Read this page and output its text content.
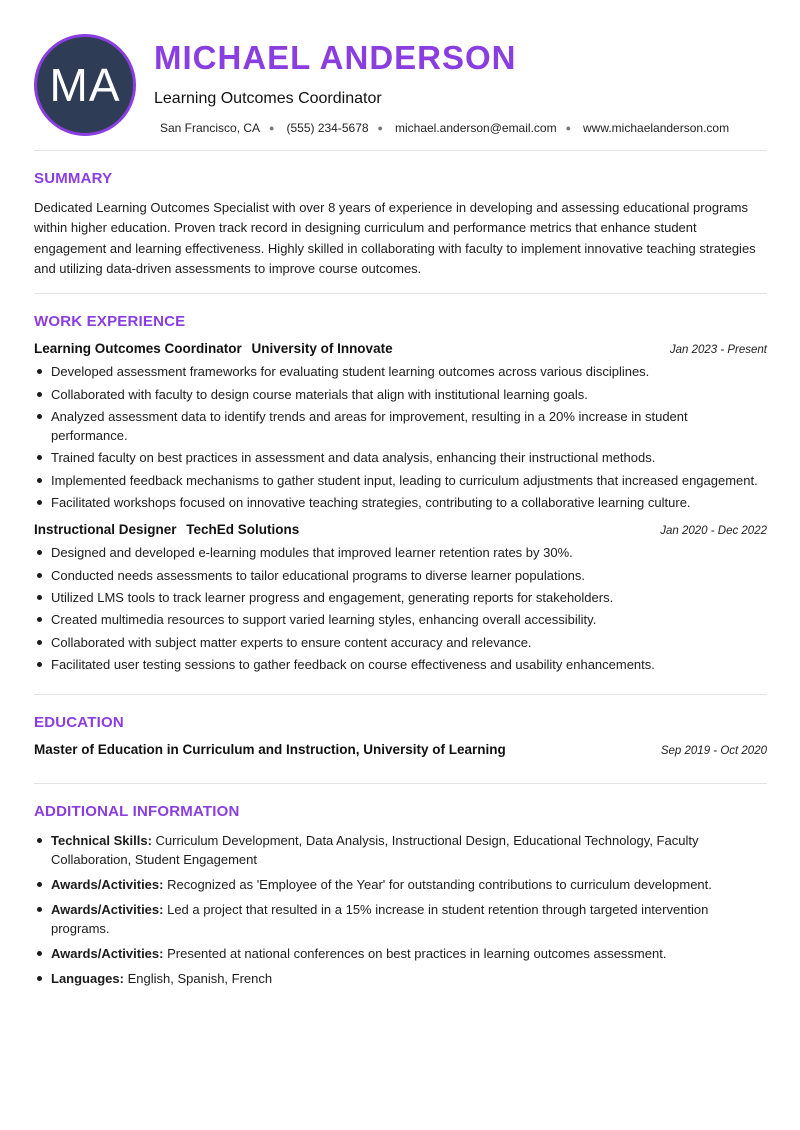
MA
MICHAEL ANDERSON
Learning Outcomes Coordinator
San Francisco, CA ● (555) 234-5678 ● michael.anderson@email.com ● www.michaelanderson.com
SUMMARY

Dedicated Learning Outcomes Specialist with over 8 years of experience in developing and assessing educational programs within higher education. Proven track record in designing curriculum and performance metrics that enhance student engagement and learning effectiveness. Highly skilled in collaborating with faculty to implement innovative teaching strategies and utilizing data-driven assessments to improve course outcomes.

WORK EXPERIENCE
Learning Outcomes Coordinator University of Innovate	Jan 2023 - Present
Developed assessment frameworks for evaluating student learning outcomes across various disciplines.
Collaborated with faculty to design course materials that align with institutional learning goals.
Analyzed assessment data to identify trends and areas for improvement, resulting in a 20% increase in student performance.
Trained faculty on best practices in assessment and data analysis, enhancing their instructional methods.
Implemented feedback mechanisms to gather student input, leading to curriculum adjustments that increased engagement.
Facilitated workshops focused on innovative teaching strategies, contributing to a collaborative learning culture.
Instructional Designer TechEd Solutions	Jan 2020 - Dec 2022
Designed and developed e-learning modules that improved learner retention rates by 30%.
Conducted needs assessments to tailor educational programs to diverse learner populations.
Utilized LMS tools to track learner progress and engagement, generating reports for stakeholders.
Created multimedia resources to support varied learning styles, enhancing overall accessibility.
Collaborated with subject matter experts to ensure content accuracy and relevance.
Facilitated user testing sessions to gather feedback on course effectiveness and usability enhancements.
EDUCATION
Master of Education in Curriculum and Instruction, University of Learning	Sep 2019 - Oct 2020
ADDITIONAL INFORMATION
Technical Skills: Curriculum Development, Data Analysis, Instructional Design, Educational Technology, Faculty Collaboration, Student Engagement
Awards/Activities: Recognized as 'Employee of the Year' for outstanding contributions to curriculum development.
Awards/Activities: Led a project that resulted in a 15% increase in student retention through targeted intervention programs.
Awards/Activities: Presented at national conferences on best practices in learning outcomes assessment.
Languages: English, Spanish, French
